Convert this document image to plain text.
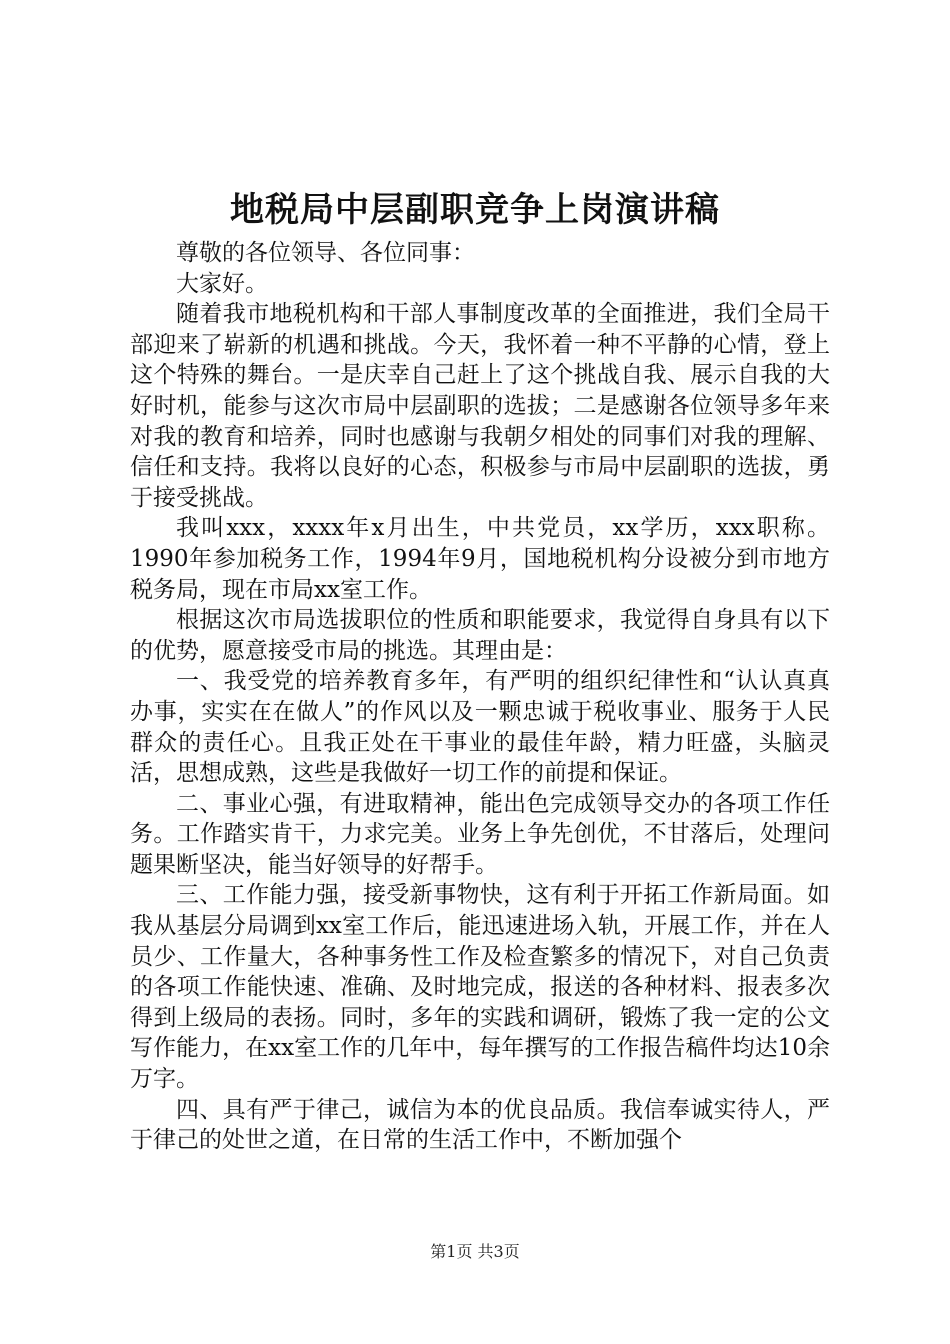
地税局中层副职竞争上岗演讲稿

尊敬的各位领导、各位同事：

大家好。

随着我市地税机构和干部人事制度改革的全面推进，我们全局干部迎来了崭新的机遇和挑战。今天，我怀着一种不平静的心情，登上这个特殊的舞台。一是庆幸自己赶上了这个挑战自我、展示自我的大好时机，能参与这次市局中层副职的选拔；二是感谢各位领导多年来对我的教育和培养，同时也感谢与我朝夕相处的同事们对我的理解、信任和支持。我将以良好的心态，积极参与市局中层副职的选拔，勇于接受挑战。

我叫xxx，xxxx年x月出生，中共党员，xx学历，xxx职称。1990年参加税务工作，1994年9月，国地税机构分设被分到市地方税务局，现在市局xx室工作。

根据这次市局选拔职位的性质和职能要求，我觉得自身具有以下的优势，愿意接受市局的挑选。其理由是：

一、我受党的培养教育多年，有严明的组织纪律性和“认认真真办事，实实在在做人”的作风以及一颗忠诚于税收事业、服务于人民群众的责任心。且我正处在干事业的最佳年龄，精力旺盛，头脑灵活，思想成熟，这些是我做好一切工作的前提和保证。

二、事业心强，有进取精神，能出色完成领导交办的各项工作任务。工作踏实肯干，力求完美。业务上争先创优，不甘落后，处理问题果断坚决，能当好领导的好帮手。

三、工作能力强，接受新事物快，这有利于开拓工作新局面。如我从基层分局调到xx室工作后，能迅速进场入轨，开展工作，并在人员少、工作量大，各种事务性工作及检查繁多的情况下，对自己负责的各项工作能快速、准确、及时地完成，报送的各种材料、报表多次得到上级局的表扬。同时，多年的实践和调研，锻炼了我一定的公文写作能力，在xx室工作的几年中，每年撰写的工作报告稿件均达10余万字。

四、具有严于律己，诚信为本的优良品质。我信奉诚实待人，严于律己的处世之道，在日常的生活工作中，不断加强个

第1页 共3页
